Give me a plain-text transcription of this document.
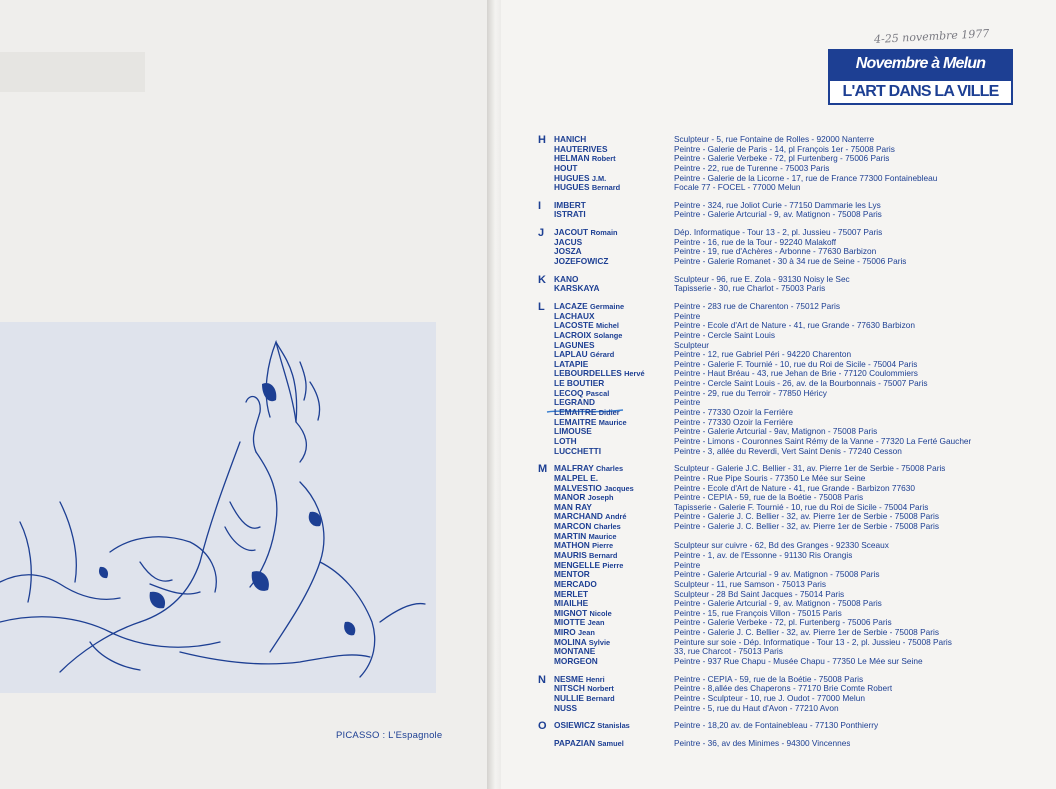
PICASSO : L'Espagnole
4-25 novembre 1977
Novembre à Melun
L'ART DANS LA VILLE
H HANICH	Sculpteur - 5, rue Fontaine de Rolles - 92000 Nanterre
HAUTERIVES	Peintre - Galerie de Paris - 14, pl François 1er - 75008 Paris
HELMAN Robert	Peintre - Galerie Verbeke - 72, pl Furtenberg - 75006 Paris
HOUT	Peintre - 22, rue de Turenne - 75003 Paris
HUGUES J.M.	Peintre - Galerie de la Licorne - 17, rue de France 77300 Fontainebleau
HUGUES Bernard	Focale 77 - FOCEL - 77000 Melun
I	IMBERT	Peintre - 324, rue Joliot Curie - 77150 Dammarie les Lys
ISTRATI	Peintre - Galerie Artcurial - 9, av. Matignon - 75008 Paris
J	JACOUT Romain	Dép. Informatique - Tour 13 - 2, pl. Jussieu - 75007 Paris
JACUS	Peintre - 16, rue de la Tour - 92240 Malakoff
JOSZA	Peintre - 19, rue d'Achères - Arbonne - 77630 Barbizon
JOZEFOWICZ	Peintre - Galerie Romanet - 30 à 34 rue de Seine - 75006 Paris
K KANO	Sculpteur - 96, rue E. Zola - 93130 Noisy le Sec
KARSKAYA	Tapisserie - 30, rue Charlot - 75003 Paris
L	LACAZE Germaine	Peintre - 283 rue de Charenton - 75012 Paris
LACHAUX	Peintre
LACOSTE Michel	Peintre - Ecole d'Art de Nature - 41, rue Grande - 77630 Barbizon
LACROIX Solange	Peintre - Cercle Saint Louis
LAGUNES	Sculpteur
LAPLAU Gérard	Peintre - 12, rue Gabriel Péri - 94220 Charenton
LATAPIE	Peintre - Galerie F. Tournié - 10, rue du Roi de Sicile - 75004 Paris
LEBOURDELLES Hervé	Peintre - Haut Bréau - 43, rue Jehan de Brie - 77120 Coulommiers
LE BOUTIER	Peintre - Cercle Saint Louis - 26, av. de la Bourbonnais - 75007 Paris
LECOQ Pascal	Peintre - 29, rue du Terroir - 77850 Héricy
LEGRAND	Peintre
LEMAITRE Didier	Peintre - 77330 Ozoir la Ferrière
LEMAITRE Maurice	Peintre - 77330 Ozoir la Ferrière
LIMOUSE	Peintre - Galerie Artcurial - 9av, Matignon - 75008 Paris
LOTH	Peintre - Limons - Couronnes Saint Rémy de la Vanne - 77320 La Ferté Gaucher
LUCCHETTI	Peintre - 3, allée du Reverdi, Vert Saint Denis - 77240 Cesson
M MALFRAY Charles	Sculpteur - Galerie J.C. Bellier - 31, av. Pierre 1er de Serbie - 75008 Paris
MALPEL E.	Peintre - Rue Pipe Souris - 77350 Le Mée sur Seine
MALVESTIO Jacques	Peintre - Ecole d'Art de Nature - 41, rue Grande - Barbizon 77630
MANOR Joseph	Peintre - CEPIA - 59, rue de la Boétie - 75008 Paris
MAN RAY	Tapisserie - Galerie F. Tournié - 10, rue du Roi de Sicile - 75004 Paris
MARCHAND André	Peintre - Galerie J. C. Bellier - 32, av. Pierre 1er de Serbie - 75008 Paris
MARCON Charles	Peintre - Galerie J. C. Bellier - 32, av. Pierre 1er de Serbie - 75008 Paris
MARTIN Maurice
MATHON Pierre	Sculpteur sur cuivre - 62, Bd des Granges - 92330 Sceaux
MAURIS Bernard	Peintre - 1, av. de l'Essonne - 91130 Ris Orangis
MENGELLE Pierre	Peintre
MENTOR	Peintre - Galerie Artcurial - 9 av. Matignon - 75008 Paris
MERCADO	Sculpteur - 11, rue Samson - 75013 Paris
MERLET	Sculpteur - 28 Bd Saint Jacques - 75014 Paris
MIAILHE	Peintre - Galerie Artcurial - 9, av. Matignon - 75008 Paris
MIGNOT Nicole	Peintre - 15, rue François Villon - 75015 Paris
MIOTTE Jean	Peintre - Galerie Verbeke - 72, pl. Furtenberg - 75006 Paris
MIRO Jean	Peintre - Galerie J. C. Bellier - 32, av. Pierre 1er de Serbie - 75008 Paris
MOLINA Sylvie	Peinture sur soie - Dép. Informatique - Tour 13 - 2, pl. Jussieu - 75008 Paris
MONTANE	33, rue Charcot - 75013 Paris
MORGEON	Peintre - 937 Rue Chapu - Musée Chapu - 77350 Le Mée sur Seine
N NESME Henri	Peintre - CEPIA - 59, rue de la Boétie - 75008 Paris
NITSCH Norbert	Peintre - 8,allée des Chaperons - 77170 Brie Comte Robert
NULLIE Bernard	Peintre - Sculpteur - 10, rue J. Oudot - 77000 Melun
NUSS	Peintre - 5, rue du Haut d'Avon - 77210 Avon
O OSIEWICZ Stanislas	Peintre - 18,20 av. de Fontainebleau - 77130 Ponthierry
PAPAZIAN Samuel	Peintre - 36, av des Minimes - 94300 Vincennes
